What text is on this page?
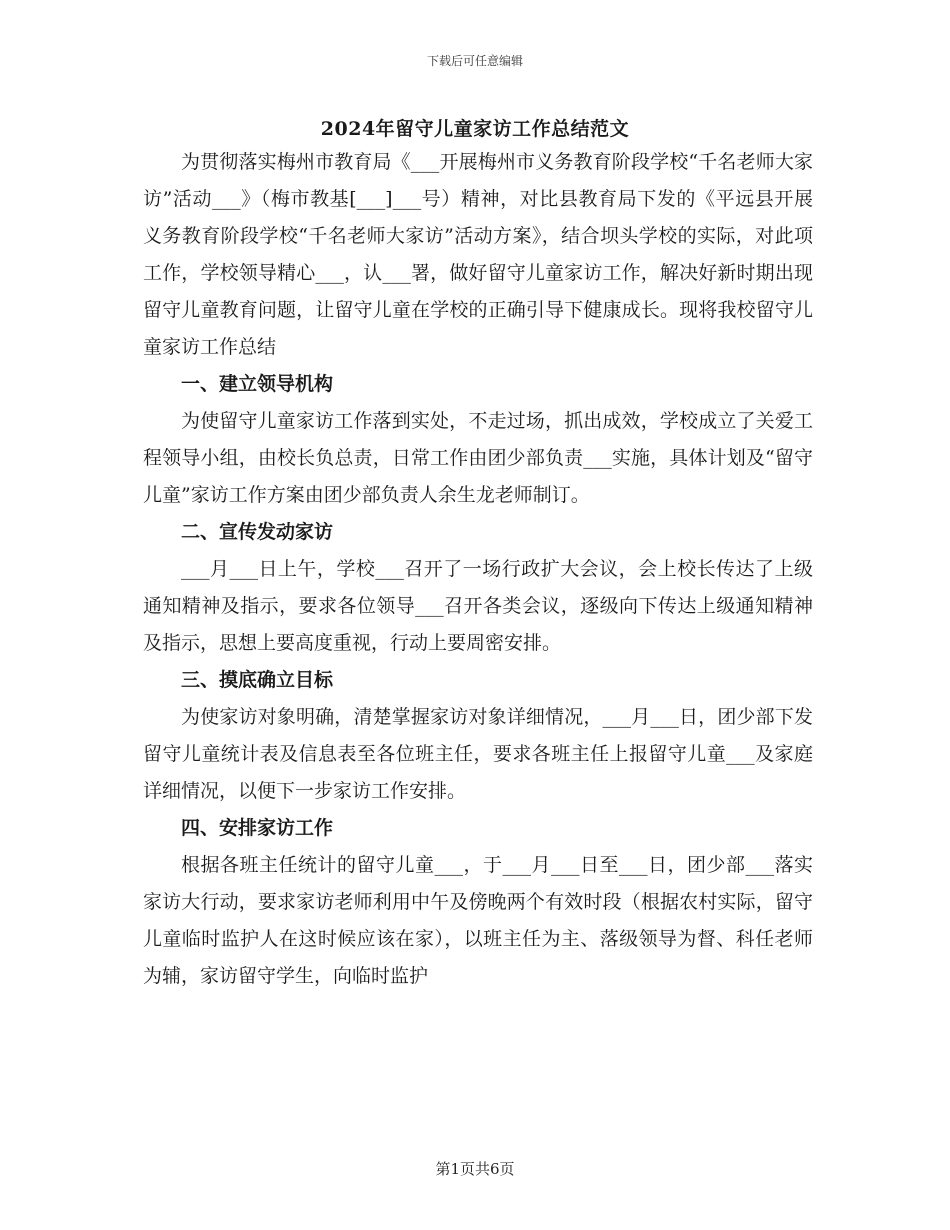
下载后可任意编辑
2024年留守儿童家访工作总结范文

为贯彻落实梅州市教育局《___开展梅州市义务教育阶段学校“千名老师大家访”活动___》（梅市教基[___]___号）精神，对比县教育局下发的《平远县开展义务教育阶段学校“千名老师大家访”活动方案》，结合坝头学校的实际，对此项工作，学校领导精心___，认___署，做好留守儿童家访工作，解决好新时期出现留守儿童教育问题，让留守儿童在学校的正确引导下健康成长。现将我校留守儿童家访工作总结

一、建立领导机构

为使留守儿童家访工作落到实处，不走过场，抓出成效，学校成立了关爱工程领导小组，由校长负总责，日常工作由团少部负责___实施，具体计划及“留守儿童”家访工作方案由团少部负责人余生龙老师制订。

二、宣传发动家访

___月___日上午，学校___召开了一场行政扩大会议，会上校长传达了上级通知精神及指示，要求各位领导___召开各类会议，逐级向下传达上级通知精神及指示，思想上要高度重视，行动上要周密安排。

三、摸底确立目标

为使家访对象明确，清楚掌握家访对象详细情况，___月___日，团少部下发留守儿童统计表及信息表至各位班主任，要求各班主任上报留守儿童___及家庭详细情况，以便下一步家访工作安排。

四、安排家访工作

根据各班主任统计的留守儿童___，于___月___日至___日，团少部___落实家访大行动，要求家访老师利用中午及傍晚两个有效时段（根据农村实际，留守儿童临时监护人在这时候应该在家），以班主任为主、落级领导为督、科任老师为辅，家访留守学生，向临时监护

第1页共6页
